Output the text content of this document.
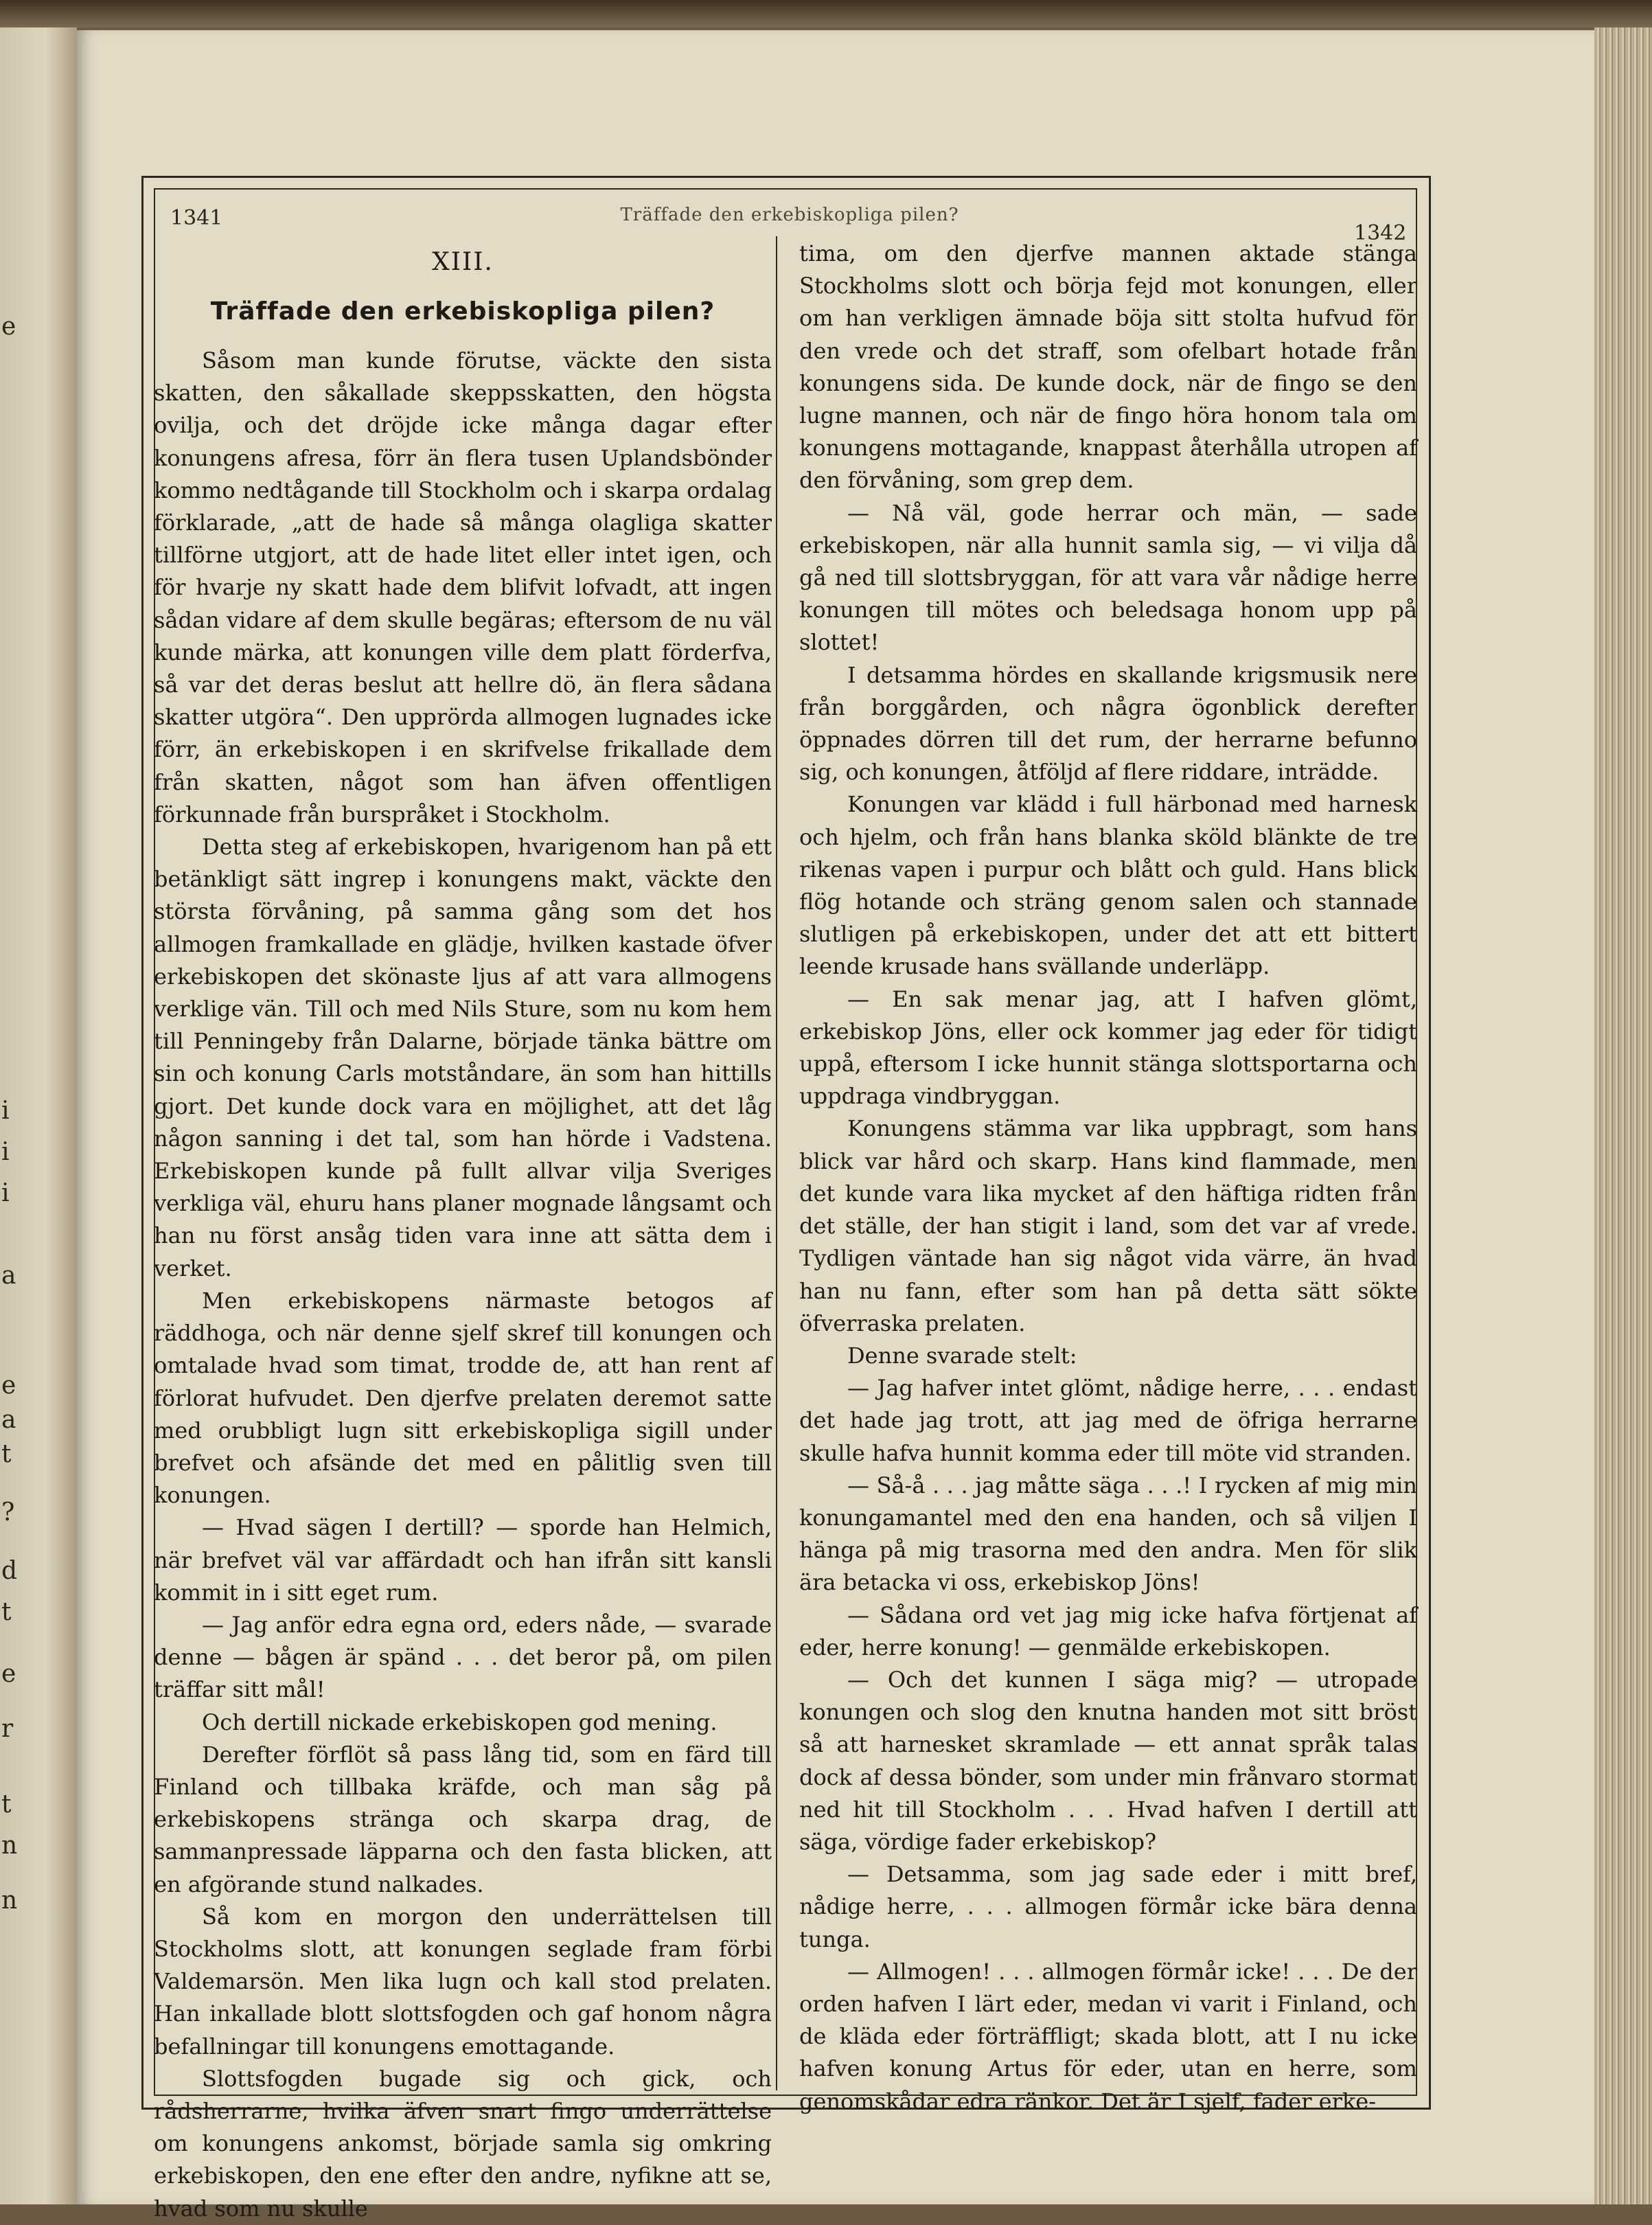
e
i
i
i
a
e
a
t
?
d
t
e
r
t
n
n
1341	Träffade den erkebiskopliga pilen?
1342
XIII.
Träffade den erkebiskopliga pilen?

Såsom man kunde förutse, väckte den sista skatten, den såkallade skeppsskatten, den högsta ovilja, och det dröjde icke många dagar efter konungens afresa, förr än flera tusen Uplandsbönder kommo nedtågande till Stockholm och i skarpa ordalag förklarade, „att de hade så många olagliga skatter tillförne utgjort, att de hade litet eller intet igen, och för hvarje ny skatt hade dem blifvit lofvadt, att ingen sådan vidare af dem skulle begäras; eftersom de nu väl kunde märka, att konungen ville dem platt förderfva, så var det deras beslut att hellre dö, än flera sådana skatter utgöra“. Den upprörda allmogen lugnades icke förr, än erkebiskopen i en skrifvelse frikallade dem från skatten, något som han äfven offentligen förkunnade från burspråket i Stockholm.

Detta steg af erkebiskopen, hvarigenom han på ett betänkligt sätt ingrep i konungens makt, väckte den största förvåning, på samma gång som det hos allmogen framkallade en glädje, hvilken kastade öfver erkebiskopen det skönaste ljus af att vara allmogens verklige vän. Till och med Nils Sture, som nu kom hem till Penningeby från Dalarne, började tänka bättre om sin och konung Carls motståndare, än som han hittills gjort. Det kunde dock vara en möjlighet, att det låg någon sanning i det tal, som han hörde i Vadstena. Erkebiskopen kunde på fullt allvar vilja Sveriges verkliga väl, ehuru hans planer mognade långsamt och han nu först ansåg tiden vara inne att sätta dem i verket.

Men erkebiskopens närmaste betogos af räddhoga, och när denne sjelf skref till konungen och omtalade hvad som timat, trodde de, att han rent af förlorat hufvudet. Den djerfve prelaten deremot satte med orubbligt lugn sitt erkebiskopliga sigill under brefvet och afsände det med en pålitlig sven till konungen.

— Hvad sägen I dertill? — sporde han Helmich, när brefvet väl var affärdadt och han ifrån sitt kansli kommit in i sitt eget rum.

— Jag anför edra egna ord, eders nåde, — svarade denne — bågen är spänd . . . det beror på, om pilen träffar sitt mål!

Och dertill nickade erkebiskopen god mening.

Derefter förflöt så pass lång tid, som en färd till Finland och tillbaka kräfde, och man såg på erkebiskopens stränga och skarpa drag, de sammanpressade läpparna och den fasta blicken, att en afgörande stund nalkades.

Så kom en morgon den underrättelsen till Stockholms slott, att konungen seglade fram förbi Valdemarsön. Men lika lugn och kall stod prelaten. Han inkallade blott slottsfogden och gaf honom några befallningar till konungens emottagande.

Slottsfogden bugade sig och gick, och rådsherrarne, hvilka äfven snart fingo underrättelse om konungens ankomst, började samla sig omkring erkebiskopen, den ene efter den andre, nyfikne att se, hvad som nu skulle

tima, om den djerfve mannen aktade stänga Stockholms slott och börja fejd mot konungen, eller om han verkligen ämnade böja sitt stolta hufvud för den vrede och det straff, som ofelbart hotade från konungens sida. De kunde dock, när de fingo se den lugne mannen, och när de fingo höra honom tala om konungens mottagande, knappast återhålla utropen af den förvåning, som grep dem.

— Nå väl, gode herrar och män, — sade erkebiskopen, när alla hunnit samla sig, — vi vilja då gå ned till slottsbryggan, för att vara vår nådige herre konungen till mötes och beledsaga honom upp på slottet!

I detsamma hördes en skallande krigsmusik nere från borggården, och några ögonblick derefter öppnades dörren till det rum, der herrarne befunno sig, och konungen, åtföljd af flere riddare, inträdde.

Konungen var klädd i full härbonad med harnesk och hjelm, och från hans blanka sköld blänkte de tre rikenas vapen i purpur och blått och guld. Hans blick flög hotande och sträng genom salen och stannade slutligen på erkebiskopen, under det att ett bittert leende krusade hans svällande underläpp.

— En sak menar jag, att I hafven glömt, erkebiskop Jöns, eller ock kommer jag eder för tidigt uppå, eftersom I icke hunnit stänga slottsportarna och uppdraga vindbryggan.

Konungens stämma var lika uppbragt, som hans blick var hård och skarp. Hans kind flammade, men det kunde vara lika mycket af den häftiga ridten från det ställe, der han stigit i land, som det var af vrede. Tydligen väntade han sig något vida värre, än hvad han nu fann, efter som han på detta sätt sökte öfverraska prelaten.

Denne svarade stelt:

— Jag hafver intet glömt, nådige herre, . . . endast det hade jag trott, att jag med de öfriga herrarne skulle hafva hunnit komma eder till möte vid stranden.

— Så-å . . . jag måtte säga . . .! I rycken af mig min konungamantel med den ena handen, och så viljen I hänga på mig trasorna med den andra. Men för slik ära betacka vi oss, erkebiskop Jöns!

— Sådana ord vet jag mig icke hafva förtjenat af eder, herre konung! — genmälde erkebiskopen.

— Och det kunnen I säga mig? — utropade konungen och slog den knutna handen mot sitt bröst så att harnesket skramlade — ett annat språk talas dock af dessa bönder, som under min frånvaro stormat ned hit till Stockholm . . . Hvad hafven I dertill att säga, vördige fader erkebiskop?

— Detsamma, som jag sade eder i mitt bref, nådige herre, . . . allmogen förmår icke bära denna tunga.

— Allmogen! . . . allmogen förmår icke! . . . De der orden hafven I lärt eder, medan vi varit i Finland, och de kläda eder förträffligt; skada blott, att I nu icke hafven konung Artus för eder, utan en herre, som genomskådar edra ränkor. Det är I sjelf, fader erke-
